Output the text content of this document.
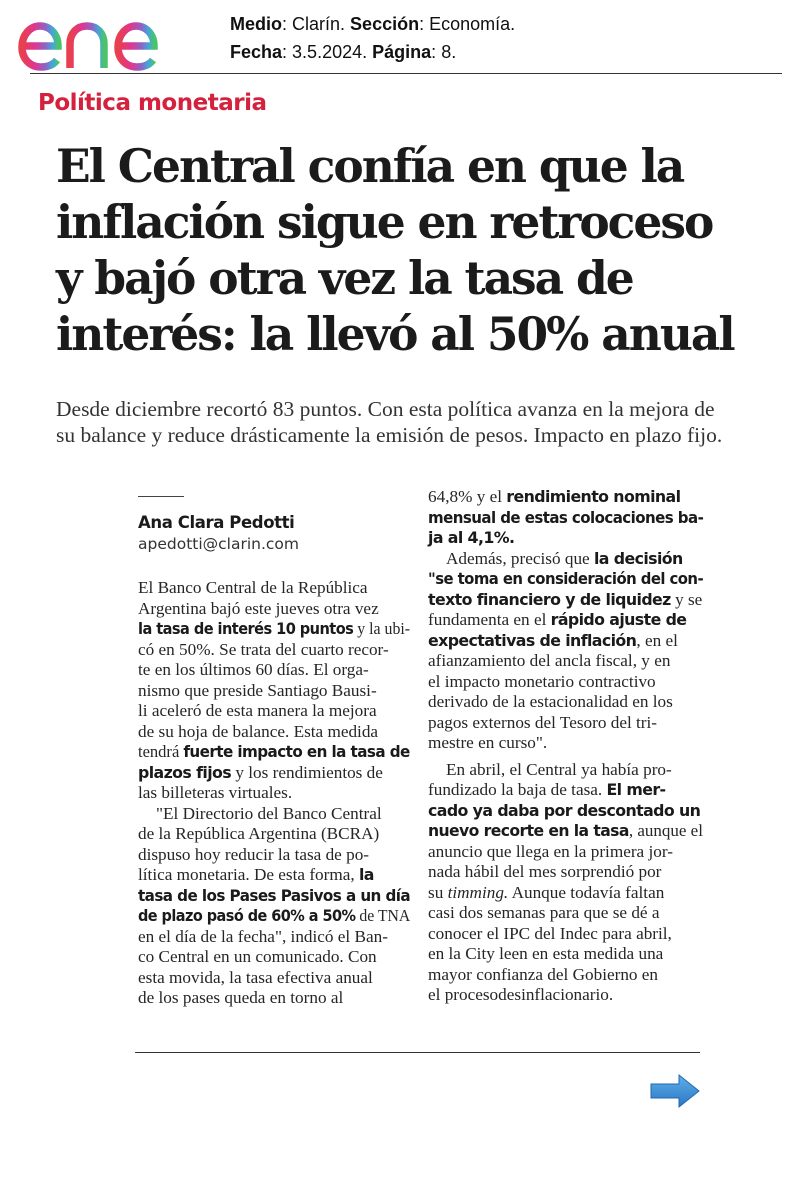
Medio: Clarín. Sección: Economía.
Fecha: 3.5.2024. Página: 8.
Política monetaria
El Central confía en que la
inflación sigue en retroceso
y bajó otra vez la tasa de
interés: la llevó al 50% anual
Desde diciembre recortó 83 puntos. Con esta política avanza en la mejora de
su balance y reduce drásticamente la emisión de pesos. Impacto en plazo fijo.
Ana Clara Pedotti
apedotti@clarin.com
El Banco Central de la República
Argentina bajó este jueves otra vez
la tasa de interés 10 puntos y la ubi-
có en 50%. Se trata del cuarto recor-
te en los últimos 60 días. El orga-
nismo que preside Santiago Bausi-
li aceleró de esta manera la mejora
de su hoja de balance. Esta medida
tendrá fuerte impacto en la tasa de
plazos fijos y los rendimientos de
las billeteras virtuales.
"El Directorio del Banco Central
de la República Argentina (BCRA)
dispuso hoy reducir la tasa de po-
lítica monetaria. De esta forma, la
tasa de los Pases Pasivos a un día
de plazo pasó de 60% a 50% de TNA
en el día de la fecha", indicó el Ban-
co Central en un comunicado. Con
esta movida, la tasa efectiva anual
de los pases queda en torno al
64,8% y el rendimiento nominal
mensual de estas colocaciones ba-
ja al 4,1%.
Además, precisó que la decisión
"se toma en consideración del con-
texto financiero y de liquidez y se
fundamenta en el rápido ajuste de
expectativas de inflación, en el
afianzamiento del ancla fiscal, y en
el impacto monetario contractivo
derivado de la estacionalidad en los
pagos externos del Tesoro del tri-
mestre en curso".
En abril, el Central ya había pro-
fundizado la baja de tasa. El mer-
cado ya daba por descontado un
nuevo recorte en la tasa, aunque el
anuncio que llega en la primera jor-
nada hábil del mes sorprendió por
su timming. Aunque todavía faltan
casi dos semanas para que se dé a
conocer el IPC del Indec para abril,
en la City leen en esta medida una
mayor confianza del Gobierno en
el procesodesinflacionario.
